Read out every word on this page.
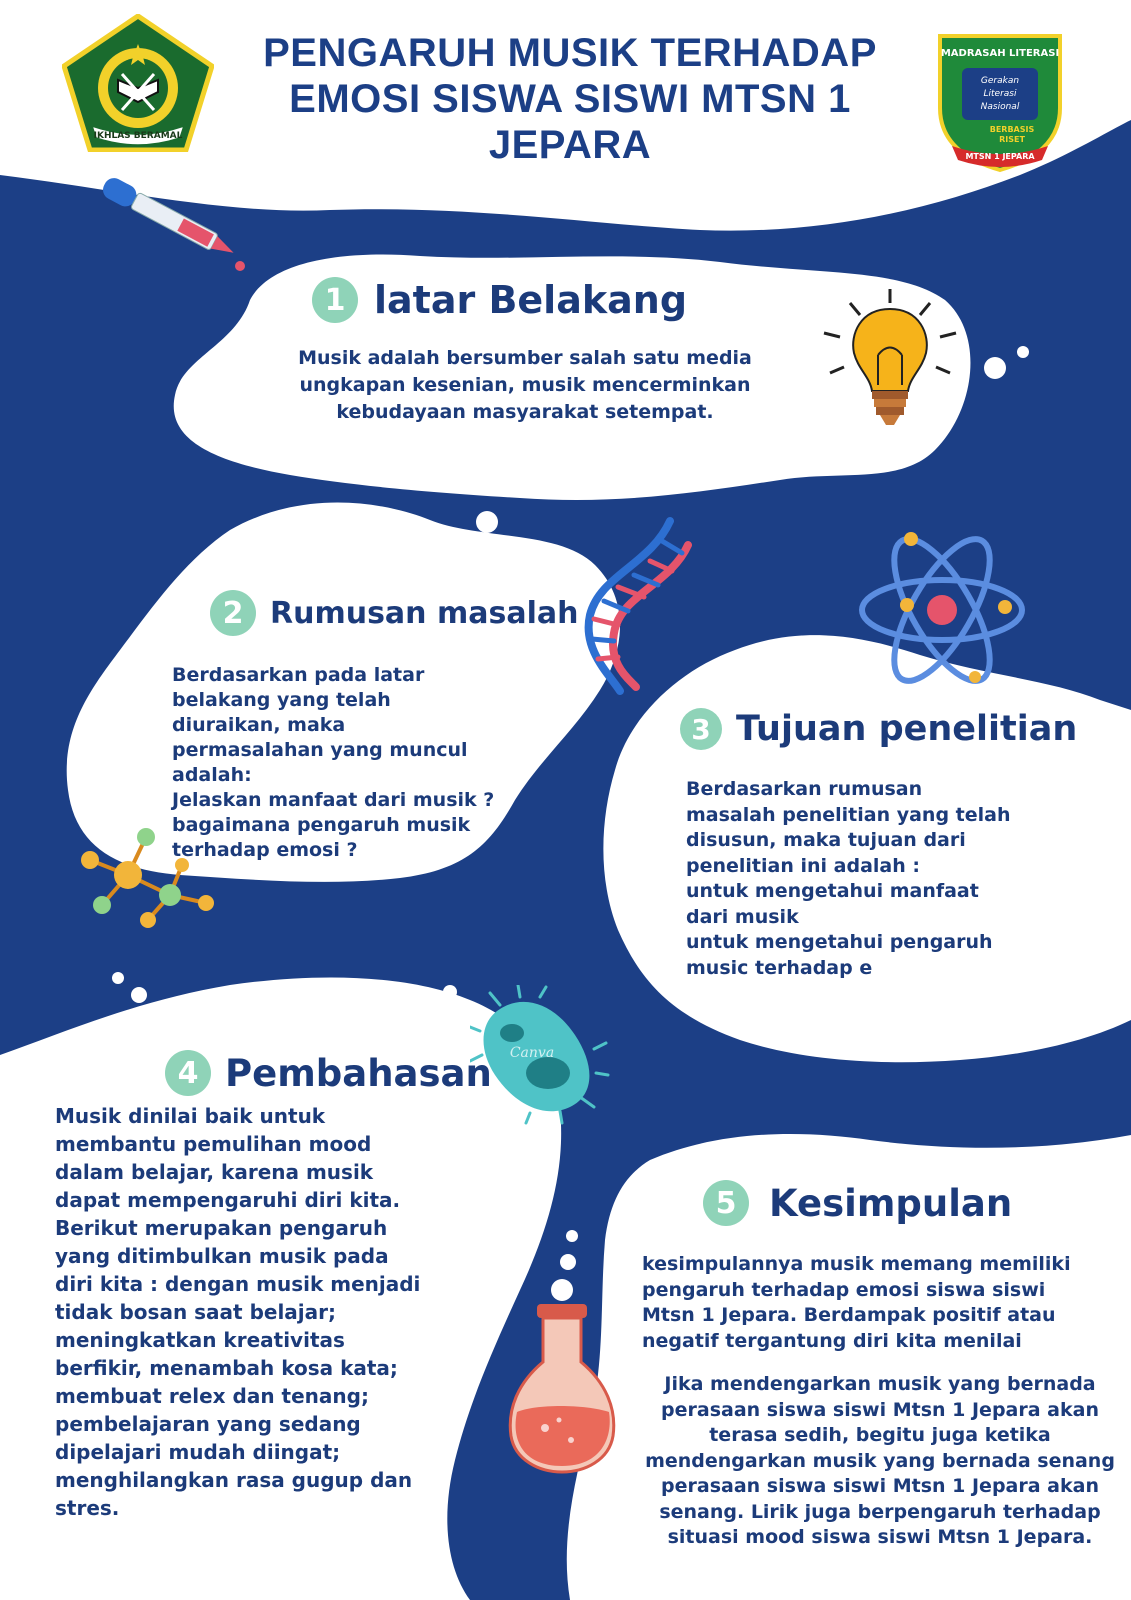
PENGARUH MUSIK TERHADAP EMOSI SISWA SISWI MTSN 1 JEPARA
IKHLAS BERAMAL
MADRASAH LITERASI
Gerakan
Literasi
Nasional
BERBASIS
RISET
MTSN 1 JEPARA
Canva
1 latar Belakang
Musik adalah bersumber salah satu media
ungkapan kesenian, musik mencerminkan
kebudayaan masyarakat setempat.
2 Rumusan masalah
Berdasarkan pada latar
belakang yang telah
diuraikan, maka
permasalahan yang muncul
adalah:
Jelaskan manfaat dari musik ?
bagaimana pengaruh musik
terhadap emosi ?
3 Tujuan penelitian
Berdasarkan rumusan
masalah penelitian yang telah
disusun, maka tujuan dari
penelitian ini adalah :
untuk mengetahui manfaat
dari musik
untuk mengetahui pengaruh
music terhadap e
4 Pembahasan
Musik dinilai baik untuk
membantu pemulihan mood
dalam belajar, karena musik
dapat mempengaruhi diri kita.
Berikut merupakan pengaruh
yang ditimbulkan musik pada
diri kita : dengan musik menjadi
tidak bosan saat belajar;
meningkatkan kreativitas
berfikir, menambah kosa kata;
membuat relex dan tenang;
pembelajaran yang sedang
dipelajari mudah diingat;
menghilangkan rasa gugup dan
stres.
5 Kesimpulan
kesimpulannya musik memang memiliki
pengaruh terhadap emosi siswa siswi
Mtsn 1 Jepara. Berdampak positif atau
negatif tergantung diri kita menilai
Jika mendengarkan musik yang bernada
perasaan siswa siswi Mtsn 1 Jepara akan
terasa sedih, begitu juga ketika
mendengarkan musik yang bernada senang
perasaan siswa siswi Mtsn 1 Jepara akan
senang. Lirik juga berpengaruh terhadap
situasi mood siswa siswi Mtsn 1 Jepara.
